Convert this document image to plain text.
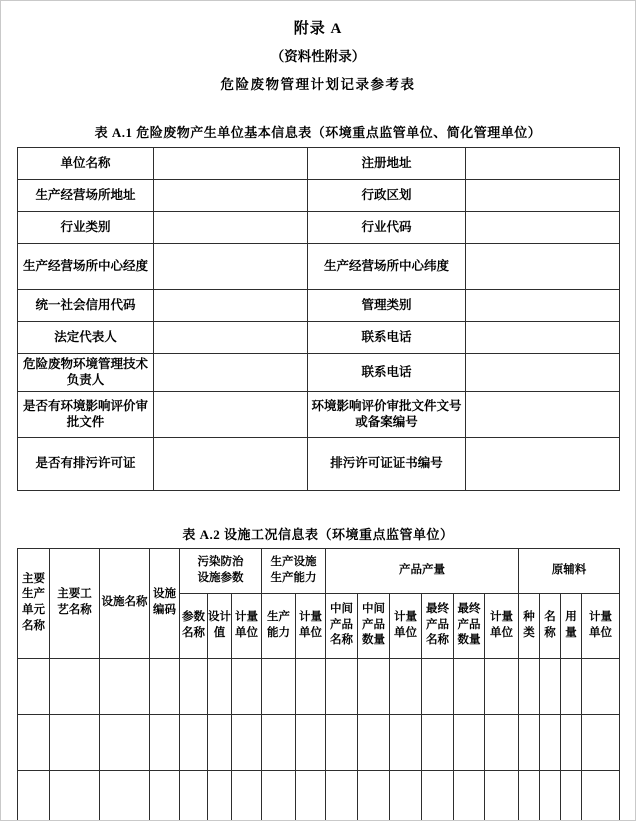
附录 A
（资料性附录）
危险废物管理计划记录参考表
表 A.1 危险废物产生单位基本信息表（环境重点监管单位、简化管理单位）
单位名称		注册地址	
生产经营场所地址		行政区划	
行业类别		行业代码	
生产经营场所中心经度		生产经营场所中心纬度	
统一社会信用代码		管理类别	
法定代表人		联系电话	
危险废物环境管理技术负责人		联系电话	
是否有环境影响评价审批文件		环境影响评价审批文件文号或备案编号	
是否有排污许可证		排污许可证证书编号	
表 A.2 设施工况信息表（环境重点监管单位）
主要生产单元名称	主要工艺名称	设施名称	设施编码	污染防治设施参数			生产设施生产能力		产品产量						原辅料			
				参数名称	设计值	计量单位	生产能力	计量单位	中间产品名称	中间产品数量	计量单位	最终产品名称	最终产品数量	计量单位	种类	名称	用量	计量单位
